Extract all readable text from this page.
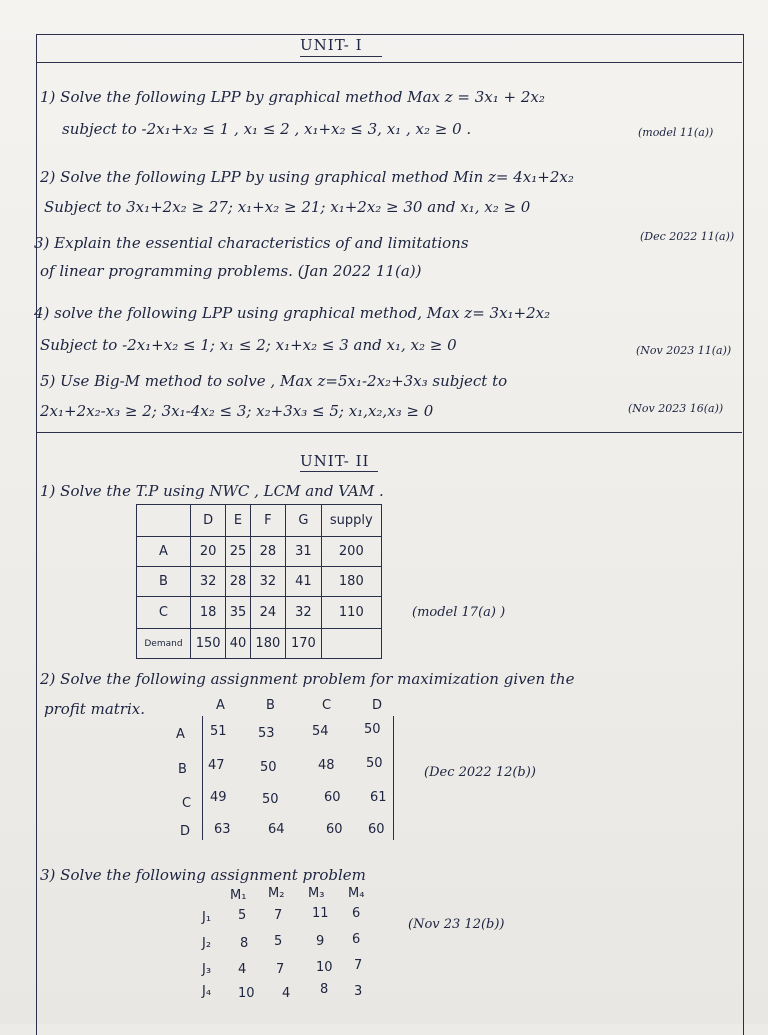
UNIT- I
1) Solve the following LPP by graphical method Max z = 3x₁ + 2x₂
subject to -2x₁+x₂ ≤ 1 , x₁ ≤ 2 , x₁+x₂ ≤ 3, x₁ , x₂ ≥ 0 .	(model 11(a))
2) Solve the following LPP by using graphical method Min z= 4x₁+2x₂
Subject to 3x₁+2x₂ ≥ 27; x₁+x₂ ≥ 21; x₁+2x₂ ≥ 30 and x₁, x₂ ≥ 0
(Dec 2022 11(a))
3) Explain the essential characteristics of and limitations
of linear programming problems. (Jan 2022 11(a))
4) solve the following LPP using graphical method, Max z= 3x₁+2x₂
Subject to -2x₁+x₂ ≤ 1; x₁ ≤ 2; x₁+x₂ ≤ 3 and x₁, x₂ ≥ 0	(Nov 2023 11(a))
5) Use Big-M method to solve , Max z=5x₁-2x₂+3x₃ subject to
2x₁+2x₂-x₃ ≥ 2; 3x₁-4x₂ ≤ 3; x₂+3x₃ ≤ 5; x₁,x₂,x₃ ≥ 0	(Nov 2023 16(a))
UNIT- II
1) Solve the T.P using NWC , LCM and VAM .
	D	E	F	G	supply
A	20	25	28	31	200
B	32	28	32	41	180
C	18	35	24	32	110
Demand	150	40	180	170	
(model 17(a) )
2) Solve the following assignment problem for maximization given the
profit matrix.	A	B	C	D
A 51 53	54	50
B 47	50	48 50
C 49	50	60 61
D 63	64	60 60
(Dec 2022 12(b))
3) Solve the following assignment problem
M₁ M₂ M₃ M₄
J₁ 5 7 11 6
J₂ 8 5	9 6
J₃ 4 7 10 7
J₄ 10 4 8 3
(Nov 23 12(b))
